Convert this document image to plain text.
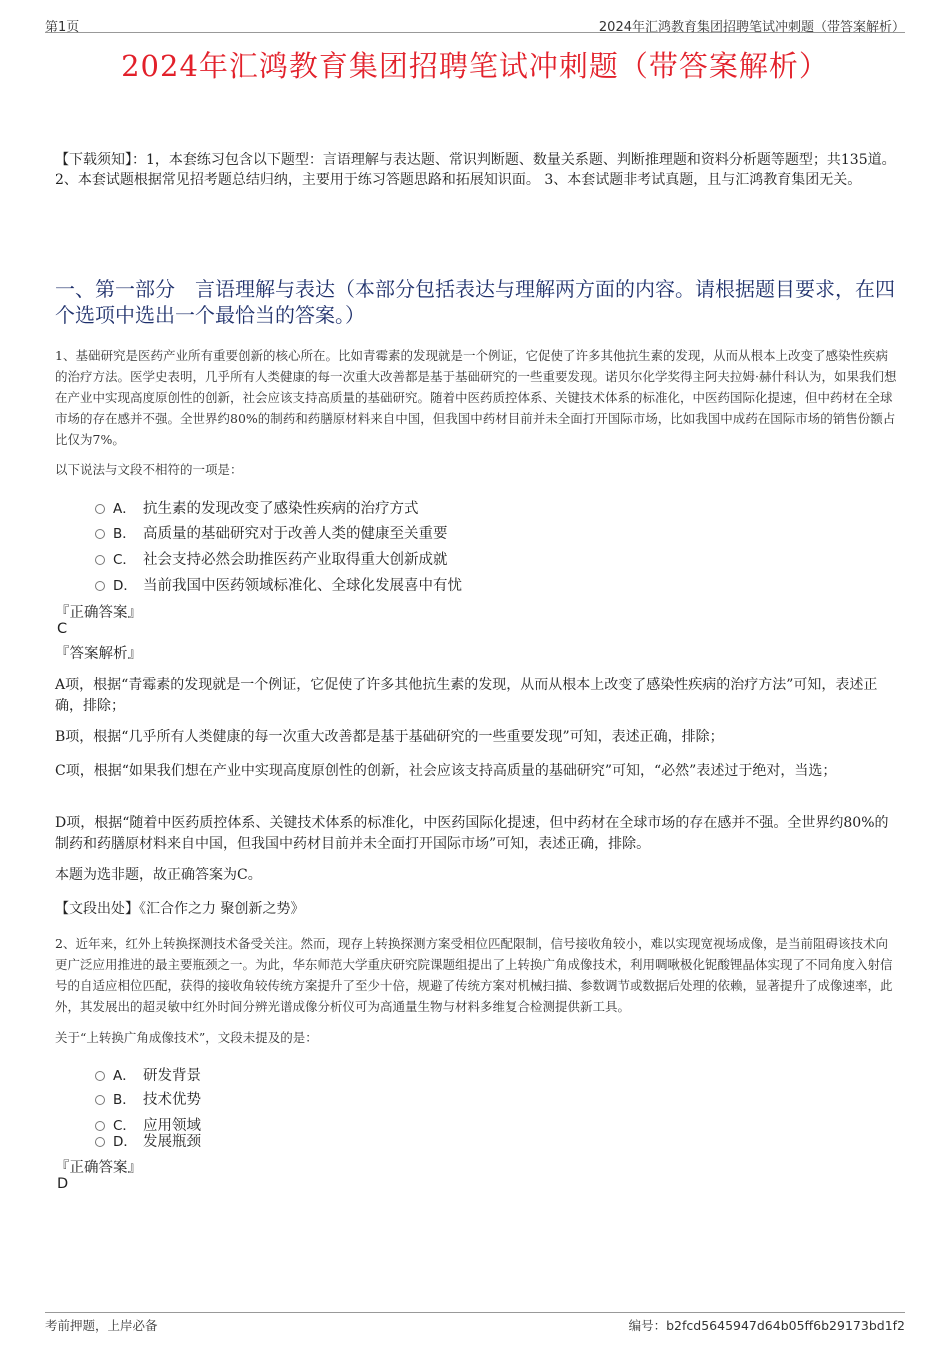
第1页	2024年汇鸿教育集团招聘笔试冲刺题（带答案解析）
2024年汇鸿教育集团招聘笔试冲刺题（带答案解析）
【下载须知】：1，本套练习包含以下题型：言语理解与表达题、常识判断题、数量关系题、判断推理题和资料分析题等题型；共135道。 2、本套试题根据常见招考题总结归纳，主要用于练习答题思路和拓展知识面。 3、本套试题非考试真题，且与汇鸿教育集团无关。
一、第一部分　言语理解与表达（本部分包括表达与理解两方面的内容。请根据题目要求，在四个选项中选出一个最恰当的答案。）
1、基础研究是医药产业所有重要创新的核心所在。比如青霉素的发现就是一个例证，它促使了许多其他抗生素的发现，从而从根本上改变了感染性疾病的治疗方法。医学史表明，几乎所有人类健康的每一次重大改善都是基于基础研究的一些重要发现。诺贝尔化学奖得主阿夫拉姆·赫什科认为，如果我们想在产业中实现高度原创性的创新，社会应该支持高质量的基础研究。随着中医药质控体系、关键技术体系的标准化，中医药国际化提速，但中药材在全球市场的存在感并不强。全世界约80%的制药和药膳原材料来自中国，但我国中药材目前并未全面打开国际市场，比如我国中成药在国际市场的销售份额占比仅为7%。
以下说法与文段不相符的一项是：
A． 抗生素的发现改变了感染性疾病的治疗方式
B． 高质量的基础研究对于改善人类的健康至关重要
C． 社会支持必然会助推医药产业取得重大创新成就
D． 当前我国中医药领域标准化、全球化发展喜中有忧
『正确答案』
C
『答案解析』
A项，根据“青霉素的发现就是一个例证，它促使了许多其他抗生素的发现，从而从根本上改变了感染性疾病的治疗方法”可知，表述正确，排除；
B项，根据“几乎所有人类健康的每一次重大改善都是基于基础研究的一些重要发现”可知，表述正确，排除；
C项，根据“如果我们想在产业中实现高度原创性的创新，社会应该支持高质量的基础研究”可知，“必然”表述过于绝对，当选；
D项，根据“随着中医药质控体系、关键技术体系的标准化，中医药国际化提速，但中药材在全球市场的存在感并不强。全世界约80%的制药和药膳原材料来自中国，但我国中药材目前并未全面打开国际市场”可知，表述正确，排除。
本题为选非题，故正确答案为C。
【文段出处】《汇合作之力 聚创新之势》
2、近年来，红外上转换探测技术备受关注。然而，现存上转换探测方案受相位匹配限制，信号接收角较小，难以实现宽视场成像，是当前阻碍该技术向更广泛应用推进的最主要瓶颈之一。为此，华东师范大学重庆研究院课题组提出了上转换广角成像技术，利用啁啾极化铌酸锂晶体实现了不同角度入射信号的自适应相位匹配，获得的接收角较传统方案提升了至少十倍，规避了传统方案对机械扫描、参数调节或数据后处理的依赖，显著提升了成像速率，此外，其发展出的超灵敏中红外时间分辨光谱成像分析仪可为高通量生物与材料多维复合检测提供新工具。
关于“上转换广角成像技术”，文段未提及的是：
A． 研发背景
B． 技术优势
C． 应用领域
D． 发展瓶颈
『正确答案』
D
考前押题，上岸必备	编号：b2fcd5645947d64b05ff6b29173bd1f2
